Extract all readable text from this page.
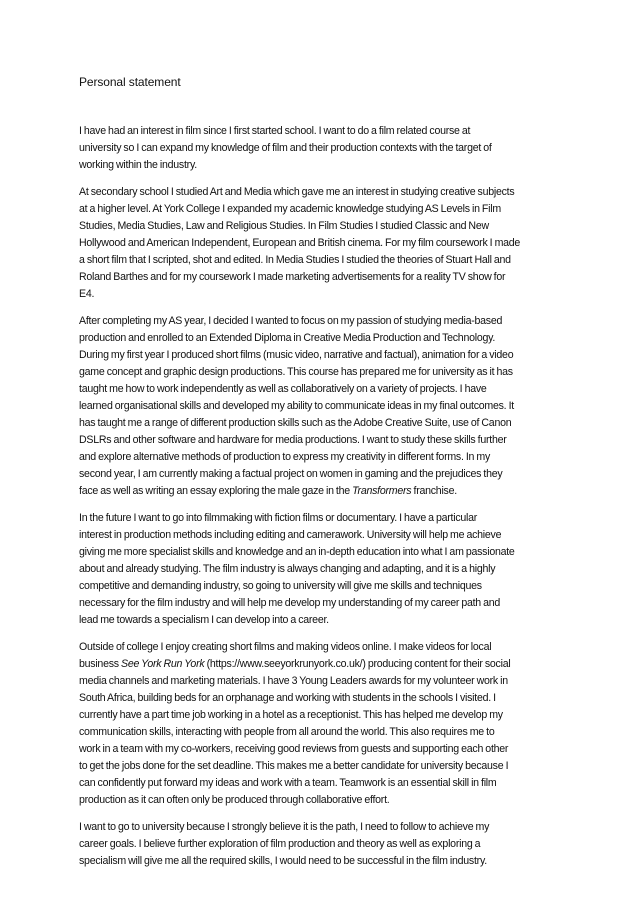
Personal statement
I have had an interest in film since I first started school. I want to do a film related course at
university so I can expand my knowledge of film and their production contexts with the target of
working within the industry.
At secondary school I studied Art and Media which gave me an interest in studying creative subjects
at a higher level. At York College I expanded my academic knowledge studying AS Levels in Film
Studies, Media Studies, Law and Religious Studies. In Film Studies I studied Classic and New
Hollywood and American Independent, European and British cinema. For my film coursework I made
a short film that I scripted, shot and edited. In Media Studies I studied the theories of Stuart Hall and
Roland Barthes and for my coursework I made marketing advertisements for a reality TV show for
E4.
After completing my AS year, I decided I wanted to focus on my passion of studying media-based
production and enrolled to an Extended Diploma in Creative Media Production and Technology.
During my first year I produced short films (music video, narrative and factual), animation for a video
game concept and graphic design productions. This course has prepared me for university as it has
taught me how to work independently as well as collaboratively on a variety of projects. I have
learned organisational skills and developed my ability to communicate ideas in my final outcomes. It
has taught me a range of different production skills such as the Adobe Creative Suite, use of Canon
DSLRs and other software and hardware for media productions. I want to study these skills further
and explore alternative methods of production to express my creativity in different forms. In my
second year, I am currently making a factual project on women in gaming and the prejudices they
face as well as writing an essay exploring the male gaze in the Transformers franchise.
In the future I want to go into filmmaking with fiction films or documentary. I have a particular
interest in production methods including editing and camerawork. University will help me achieve
giving me more specialist skills and knowledge and an in-depth education into what I am passionate
about and already studying. The film industry is always changing and adapting, and it is a highly
competitive and demanding industry, so going to university will give me skills and techniques
necessary for the film industry and will help me develop my understanding of my career path and
lead me towards a specialism I can develop into a career.
Outside of college I enjoy creating short films and making videos online. I make videos for local
business See York Run York (https://www.seeyorkrunyork.co.uk/) producing content for their social
media channels and marketing materials. I have 3 Young Leaders awards for my volunteer work in
South Africa, building beds for an orphanage and working with students in the schools I visited. I
currently have a part time job working in a hotel as a receptionist. This has helped me develop my
communication skills, interacting with people from all around the world. This also requires me to
work in a team with my co-workers, receiving good reviews from guests and supporting each other
to get the jobs done for the set deadline. This makes me a better candidate for university because I
can confidently put forward my ideas and work with a team. Teamwork is an essential skill in film
production as it can often only be produced through collaborative effort.
I want to go to university because I strongly believe it is the path, I need to follow to achieve my
career goals. I believe further exploration of film production and theory as well as exploring a
specialism will give me all the required skills, I would need to be successful in the film industry.
